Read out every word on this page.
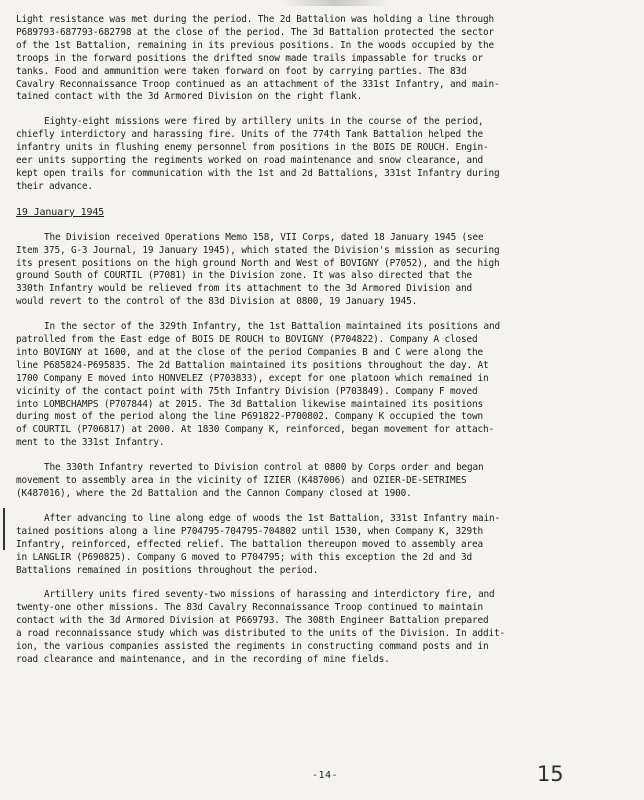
Light resistance was met during the period. The 2d Battalion was holding a line through
P689793-687793-682798 at the close of the period. The 3d Battalion protected the sector
of the 1st Battalion, remaining in its previous positions. In the woods occupied by the
troops in the forward positions the drifted snow made trails impassable for trucks or
tanks. Food and ammunition were taken forward on foot by carrying parties. The 83d
Cavalry Reconnaissance Troop continued as an attachment of the 331st Infantry, and main-
tained contact with the 3d Armored Division on the right flank.
Eighty-eight missions were fired by artillery units in the course of the period,
chiefly interdictory and harassing fire. Units of the 774th Tank Battalion helped the
infantry units in flushing enemy personnel from positions in the BOIS DE ROUCH. Engin-
eer units supporting the regiments worked on road maintenance and snow clearance, and
kept open trails for communication with the 1st and 2d Battalions, 331st Infantry during
their advance.
19 January 1945
The Division received Operations Memo 158, VII Corps, dated 18 January 1945 (see
Item 375, G-3 Journal, 19 January 1945), which stated the Division's mission as securing
its present positions on the high ground North and West of BOVIGNY (P7052), and the high
ground South of COURTIL (P7081) in the Division zone. It was also directed that the
330th Infantry would be relieved from its attachment to the 3d Armored Division and
would revert to the control of the 83d Division at 0800, 19 January 1945.
In the sector of the 329th Infantry, the 1st Battalion maintained its positions and
patrolled from the East edge of BOIS DE ROUCH to BOVIGNY (P704822). Company A closed
into BOVIGNY at 1600, and at the close of the period Companies B and C were along the
line P685824-P695835. The 2d Battalion maintained its positions throughout the day. At
1700 Company E moved into HONVELEZ (P703833), except for one platoon which remained in
vicinity of the contact point with 75th Infantry Division (P703849). Company F moved
into LOMBCHAMPS (P707844) at 2015. The 3d Battalion likewise maintained its positions
during most of the period along the line P691822-P700802. Company K occupied the town
of COURTIL (P706817) at 2000. At 1830 Company K, reinforced, began movement for attach-
ment to the 331st Infantry.
The 330th Infantry reverted to Division control at 0800 by Corps order and began
movement to assembly area in the vicinity of IZIER (K487006) and OZIER-DE-SETRIMES
(K487016), where the 2d Battalion and the Cannon Company closed at 1900.
After advancing to line along edge of woods the 1st Battalion, 331st Infantry main-
tained positions along a line P704795-704795-704802 until 1530, when Company K, 329th
Infantry, reinforced, effected relief. The battalion thereupon moved to assembly area
in LANGLIR (P690825). Company G moved to P704795; with this exception the 2d and 3d
Battalions remained in positions throughout the period.
Artillery units fired seventy-two missions of harassing and interdictory fire, and
twenty-one other missions. The 83d Cavalry Reconnaissance Troop continued to maintain
contact with the 3d Armored Division at P669793. The 308th Engineer Battalion prepared
a road reconnaissance study which was distributed to the units of the Division. In addit-
ion, the various companies assisted the regiments in constructing command posts and in
road clearance and maintenance, and in the recording of mine fields.
-14-	15
